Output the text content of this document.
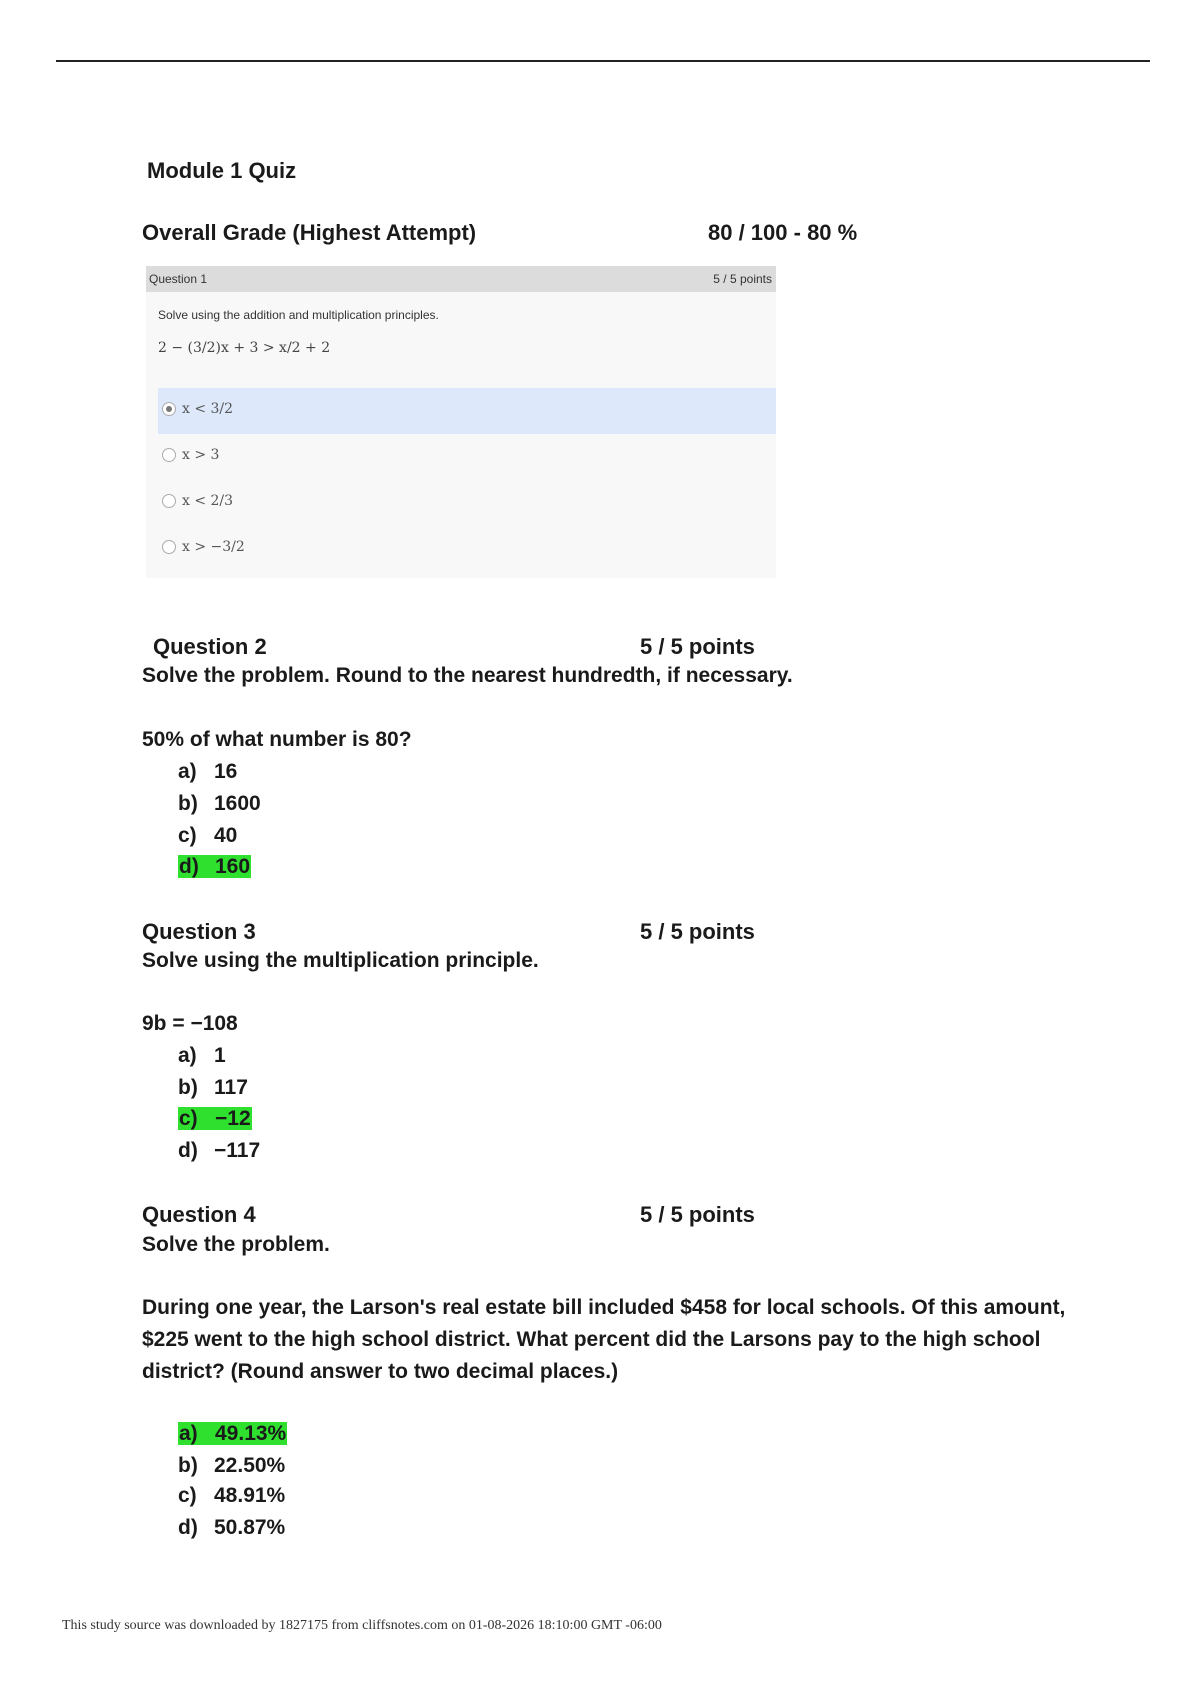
Module 1 Quiz
Overall Grade (Highest Attempt)	80 / 100 - 80 %
Question 1	5 / 5 points
Solve using the addition and multiplication principles.
2 − (3/2)x + 3 > x/2 + 2
x < 3/2
x > 3
x < 2/3
x > −3/2
Question 2	5 / 5 points
Solve the problem. Round to the nearest hundredth, if necessary.
50% of what number is 80?
a) 16
b) 1600
c) 40
d) 160
Question 3	5 / 5 points
Solve using the multiplication principle.
9b = −108
a) 1
b) 117
c) −12
d) −117
Question 4	5 / 5 points
Solve the problem.
During one year, the Larson's real estate bill included $458 for local schools. Of this amount,
$225 went to the high school district. What percent did the Larsons pay to the high school
district? (Round answer to two decimal places.)
a) 49.13%
b) 22.50%
c) 48.91%
d) 50.87%
This study source was downloaded by 1827175 from cliffsnotes.com on 01-08-2026 18:10:00 GMT -06:00
